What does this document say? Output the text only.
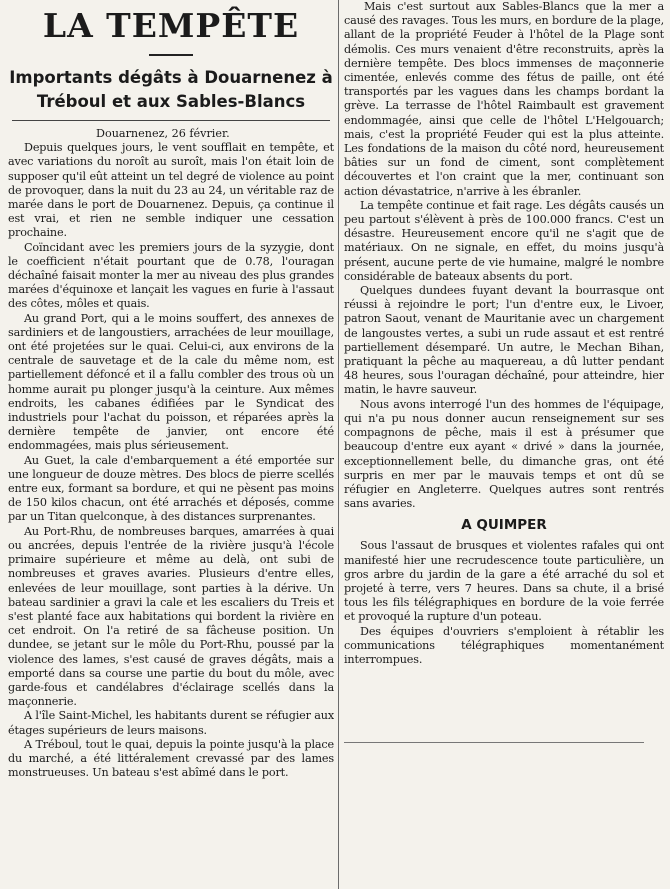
LA TEMPÊTE
Importants dégâts à Douarnenez à Tréboul et aux Sables-Blancs

Douarnenez, 26 février.

Depuis quelques jours, le vent soufflait en tempête, et avec variations du noroît au suroît, mais l'on était loin de supposer qu'il eût atteint un tel degré de violence au point de provoquer, dans la nuit du 23 au 24, un véritable raz de marée dans le port de Douarnenez. Depuis, ça continue il est vrai, et rien ne semble indiquer une cessation prochaine.

Coïncidant avec les premiers jours de la syzygie, dont le coefficient n'était pourtant que de 0.78, l'ouragan déchaîné faisait monter la mer au niveau des plus grandes marées d'équinoxe et lançait les vagues en furie à l'assaut des côtes, môles et quais.

Au grand Port, qui a le moins souffert, des annexes de sardiniers et de langoustiers, arrachées de leur mouillage, ont été projetées sur le quai. Celui-ci, aux environs de la centrale de sauvetage et de la cale du même nom, est partiellement défoncé et il a fallu combler des trous où un homme aurait pu plonger jusqu'à la ceinture. Aux mêmes endroits, les cabanes édifiées par le Syndicat des industriels pour l'achat du poisson, et réparées après la dernière tempête de janvier, ont encore été endommagées, mais plus sérieusement.

Au Guet, la cale d'embarquement a été emportée sur une longueur de douze mètres. Des blocs de pierre scellés entre eux, formant sa bordure, et qui ne pèsent pas moins de 150 kilos chacun, ont été arrachés et déposés, comme par un Titan quelconque, à des distances surprenantes.

Au Port-Rhu, de nombreuses barques, amarrées à quai ou ancrées, depuis l'entrée de la rivière jusqu'à l'école primaire supérieure et même au delà, ont subi de nombreuses et graves avaries. Plusieurs d'entre elles, enlevées de leur mouillage, sont parties à la dérive. Un bateau sardinier a gravi la cale et les escaliers du Treis et s'est planté face aux habitations qui bordent la rivière en cet endroit. On l'a retiré de sa fâcheuse position. Un dundee, se jetant sur le môle du Port-Rhu, poussé par la violence des lames, s'est causé de graves dégâts, mais a emporté dans sa course une partie du bout du môle, avec garde-fous et candélabres d'éclairage scellés dans la maçonnerie.

A l'île Saint-Michel, les habitants durent se réfugier aux étages supérieurs de leurs maisons.

A Tréboul, tout le quai, depuis la pointe jusqu'à la place du marché, a été littéralement crevassé par des lames monstrueuses. Un bateau s'est abîmé dans le port.

Mais c'est surtout aux Sables-Blancs que la mer a causé des ravages. Tous les murs, en bordure de la plage, allant de la propriété Feuder à l'hôtel de la Plage sont démolis. Ces murs venaient d'être reconstruits, après la dernière tempête. Des blocs immenses de maçonnerie cimentée, enlevés comme des fétus de paille, ont été transportés par les vagues dans les champs bordant la grève. La terrasse de l'hôtel Raimbault est gravement endommagée, ainsi que celle de l'hôtel L'Helgouarch; mais, c'est la propriété Feuder qui est la plus atteinte. Les fondations de la maison du côté nord, heureusement bâties sur un fond de ciment, sont complètement découvertes et l'on craint que la mer, continuant son action dévastatrice, n'arrive à les ébranler.

La tempête continue et fait rage. Les dégâts causés un peu partout s'élèvent à près de 100.000 francs. C'est un désastre. Heureusement encore qu'il ne s'agit que de matériaux. On ne signale, en effet, du moins jusqu'à présent, aucune perte de vie humaine, malgré le nombre considérable de bateaux absents du port.

Quelques dundees fuyant devant la bourrasque ont réussi à rejoindre le port; l'un d'entre eux, le Livoer, patron Saout, venant de Mauritanie avec un chargement de langoustes vertes, a subi un rude assaut et est rentré partiellement désemparé. Un autre, le Mechan Bihan, pratiquant la pêche au maquereau, a dû lutter pendant 48 heures, sous l'ouragan déchaîné, pour atteindre, hier matin, le havre sauveur.

Nous avons interrogé l'un des hommes de l'équipage, qui n'a pu nous donner aucun renseignement sur ses compagnons de pêche, mais il est à présumer que beaucoup d'entre eux ayant « drivé » dans la journée, exceptionnellement belle, du dimanche gras, ont été surpris en mer par le mauvais temps et ont dû se réfugier en Angleterre. Quelques autres sont rentrés sans avaries.

A QUIMPER

Sous l'assaut de brusques et violentes rafales qui ont manifesté hier une recrudescence toute particulière, un gros arbre du jardin de la gare a été arraché du sol et projeté à terre, vers 7 heures. Dans sa chute, il a brisé tous les fils télégraphiques en bordure de la voie ferrée et provoqué la rupture d'un poteau.

Des équipes d'ouvriers s'emploient à rétablir les communications télégraphiques momentanément interrompues.
